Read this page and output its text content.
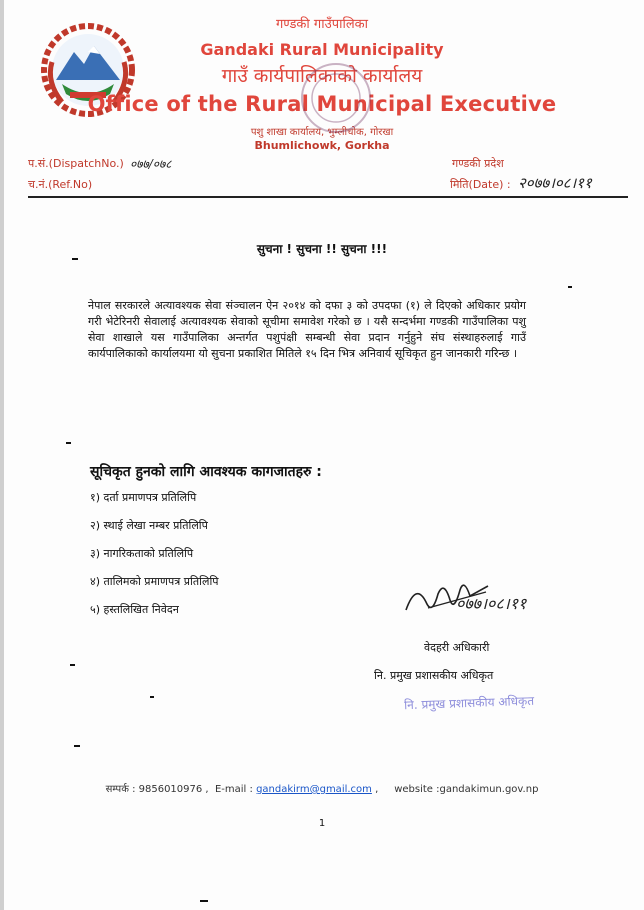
गण्डकी गाउँपालिका
Gandaki Rural Municipality
गाउँ कार्यपालिकाको कार्यालय
Office of the Rural Municipal Executive
पशु शाखा कार्यालय, भुम्लीचोक, गोरखा
Bhumlichowk, Gorkha
प.सं.(DispatchNo.) ०७७/०७८
च.नं.(Ref.No)
गण्डकी प्रदेश
मिति(Date) : २०७७।०८।११
सुचना ! सुचना !! सुचना !!!
नेपाल सरकारले अत्यावश्यक सेवा संञ्चालन ऐन २०१४ को दफा ३ को उपदफा (१) ले दिएको अधिकार प्रयोग गरी भेटेरिनरी सेवालाई अत्यावश्यक सेवाको सूचीमा समावेश गरेको छ । यसै सन्दर्भमा गण्डकी गाउँपालिका पशु सेवा शाखाले यस गाउँपालिका अन्तर्गत पशुपंक्षी सम्बन्धी सेवा प्रदान गर्नुहुने संघ संस्थाहरुलाई गाउँ कार्यपालिकाको कार्यालयमा यो सुचना प्रकाशित मितिले १५ दिन भित्र अनिवार्य सूचिकृत हुन जानकारी गरिन्छ ।
सूचिकृत हुनको लागि आवश्यक कागजातहरु :
१) दर्ता प्रमाणपत्र प्रतिलिपि
२) स्थाई लेखा नम्बर प्रतिलिपि
३) नागरिकताको प्रतिलिपि
४) तालिमको प्रमाणपत्र प्रतिलिपि
५) हस्तलिखित निवेदन	०७७।०८।११
वेदहरी अधिकारी
नि. प्रमुख प्रशासकीय अधिकृत
नि. प्रमुख प्रशासकीय अधिकृत
सम्पर्क : 9856010976 ,  E-mail : gandakirm@gmail.com ,     website :gandakimun.gov.np
1
